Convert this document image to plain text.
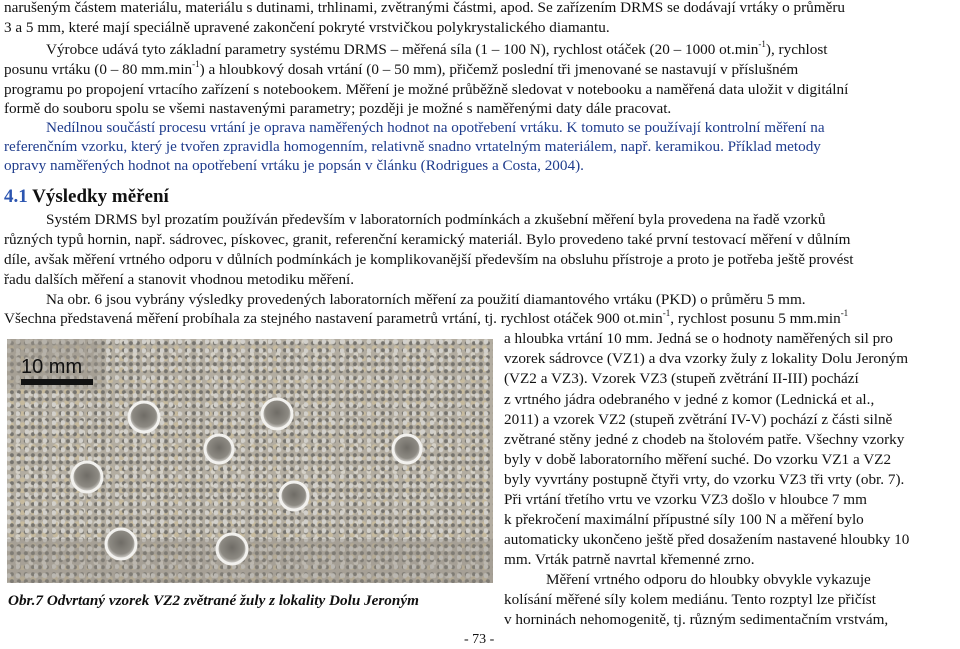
narušeným částem materiálu, materiálu s dutinami, trhlinami, zvětranými částmi, apod. Se zařízením DRMS se dodávají vrtáky o průměru
3 a 5 mm, které mají speciálně upravené zakončení pokryté vrstvičkou polykrystalického diamantu.
Výrobce udává tyto základní parametry systému DRMS – měřená síla (1 – 100 N), rychlost otáček (20 – 1000 $ot.\min^{-1}$), rychlost
posunu vrtáku (0 – 80 $mm.\min^{-1}$) a hloubkový dosah vrtání (0 – 50 mm), přičemž poslední tři jmenované se nastavují v příslušném
programu po propojení vrtacího zařízení s notebookem. Měření je možné průběžně sledovat v notebooku a naměřená data uložit v digitální
formě do souboru spolu se všemi nastavenými parametry; později je možné s naměřenými daty dále pracovat.
Nedílnou součástí procesu vrtání je oprava naměřených hodnot na opotřebení vrtáku. K tomuto se používají kontrolní měření na
referenčním vzorku, který je tvořen zpravidla homogenním, relativně snadno vrtatelným materiálem, např. keramikou. Příklad metody
opravy naměřených hodnot na opotřebení vrtáku je popsán v článku (Rodrigues a Costa, 2004).
4.1 Výsledky měření
Systém DRMS byl prozatím používán především v laboratorních podmínkách a zkušební měření byla provedena na řadě vzorků
různých typů hornin, např. sádrovec, pískovec, granit, referenční keramický materiál. Bylo provedeno také první testovací měření v důlním
díle, avšak měření vrtného odporu v důlních podmínkách je komplikovanější především na obsluhu přístroje a proto je potřeba ještě provést
řadu dalších měření a stanovit vhodnou metodiku měření.
Na obr. 6 jsou vybrány výsledky provedených laboratorních měření za použití diamantového vrtáku (PKD) o průměru 5 mm.
Všechna představená měření probíhala za stejného nastavení parametrů vrtání, tj. rychlost otáček 900 $ot.\min^{-1}$, rychlost posunu 5 $mm.\min^{-1}$
10 mm
Obr.7 Odvrtaný vzorek VZ2 zvětrané žuly z lokality Dolu Jeroným
- 73 -
a hloubka vrtání 10 mm. Jedná se o hodnoty naměřených sil pro
vzorek sádrovce (VZ1) a dva vzorky žuly z lokality Dolu Jeroným
(VZ2 a VZ3). Vzorek VZ3 (stupeň zvětrání II-III) pochází
z vrtného jádra odebraného v jedné z komor (Lednická et al.,
2011) a vzorek VZ2 (stupeň zvětrání IV-V) pochází z části silně
zvětrané stěny jedné z chodeb na štolovém patře. Všechny vzorky
byly v době laboratorního měření suché. Do vzorku VZ1 a VZ2
byly vyvrtány postupně čtyři vrty, do vzorku VZ3 tři vrty (obr. 7).
Při vrtání třetího vrtu ve vzorku VZ3 došlo v hloubce 7 mm
k překročení maximální přípustné síly 100 N a měření bylo
automaticky ukončeno ještě před dosažením nastavené hloubky 10
mm. Vrták patrně navrtal křemenné zrno.
Měření vrtného odporu do hloubky obvykle vykazuje
kolísání měřené síly kolem mediánu. Tento rozptyl lze přičíst
v horninách nehomogenitě, tj. různým sedimentačním vrstvám,
